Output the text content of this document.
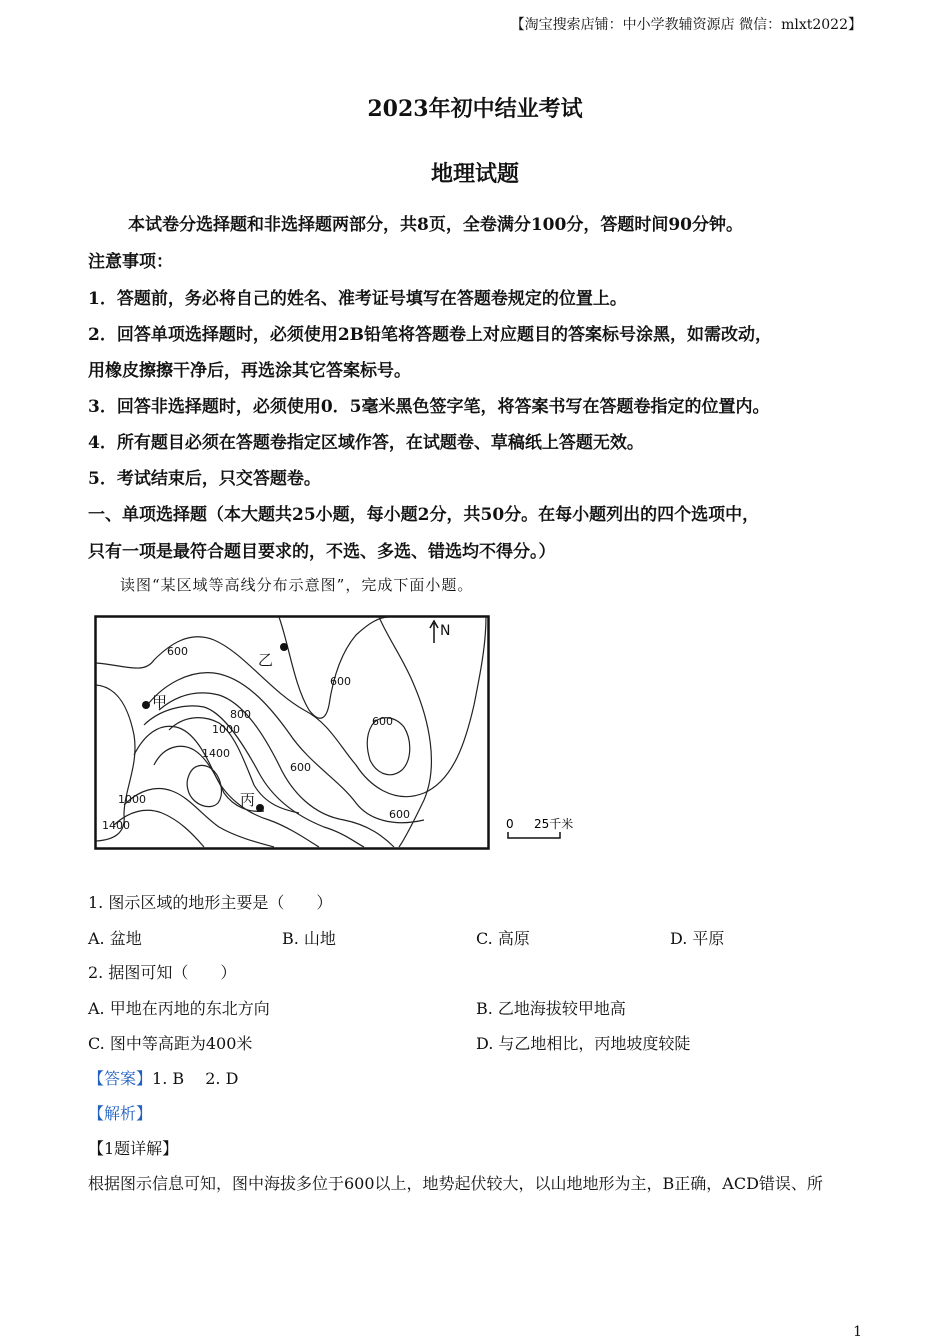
【淘宝搜索店铺：中小学教辅资源店 微信：mlxt2022】
2023年初中结业考试
地理试题
本试卷分选择题和非选择题两部分，共8页，全卷满分100分，答题时间90分钟。
注意事项：
1．答题前，务必将自己的姓名、准考证号填写在答题卷规定的位置上。
2．回答单项选择题时，必须使用2B铅笔将答题卷上对应题目的答案标号涂黑，如需改动，
用橡皮擦擦干净后，再选涂其它答案标号。
3．回答非选择题时，必须使用0．5毫米黑色签字笔，将答案书写在答题卷指定的位置内。
4．所有题目必须在答题卷指定区域作答，在试题卷、草稿纸上答题无效。
5．考试结束后，只交答题卷。
一、单项选择题（本大题共25小题，每小题2分，共50分。在每小题列出的四个选项中，
只有一项是最符合题目要求的，不选、多选、错选均不得分。）
读图“某区域等高线分布示意图”，完成下面小题。
甲
乙
丙
N
600
600
600
600
600
800
1000
1000
1400
1400	0 25千米
1. 图示区域的地形主要是（　　）
A. 盆地	B. 山地	C. 高原	D. 平原
2. 据图可知（　　）
A. 甲地在丙地的东北方向	B. 乙地海拔较甲地高
C. 图中等高距为400米	D. 与乙地相比，丙地坡度较陡
【答案】1. B　 2. D
【解析】
【1题详解】
根据图示信息可知，图中海拔多位于600以上，地势起伏较大，以山地地形为主，B正确，ACD错误、所
1
